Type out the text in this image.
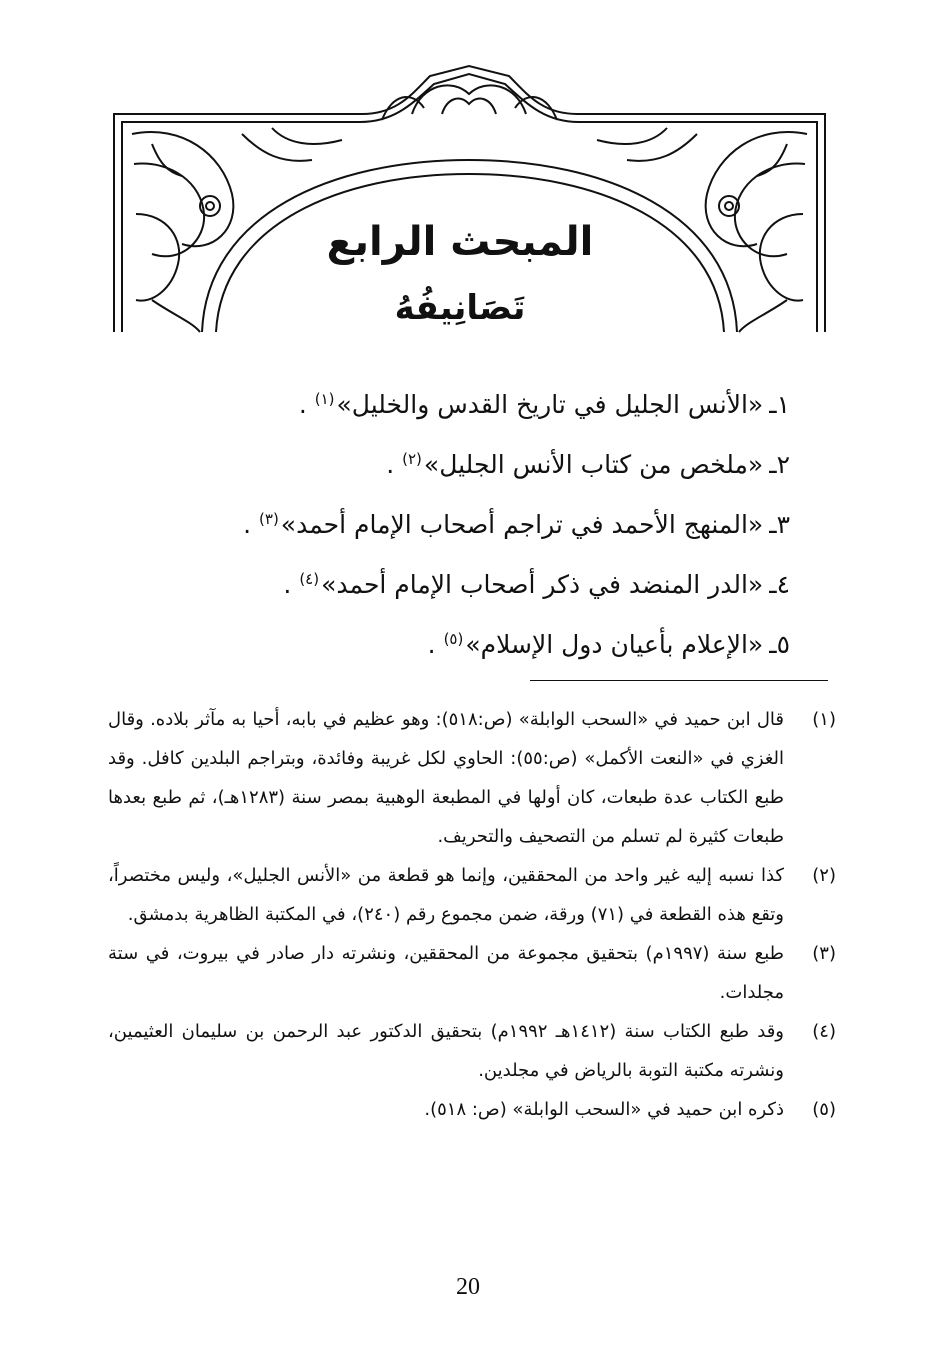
المبحث الرابع
تَصَانِيفُهُ
١ـ«الأنس الجليل في تاريخ القدس والخليل»$^{(١)}$ .
٢ـ«ملخص من كتاب الأنس الجليل»$^{(٢)}$ .
٣ـ«المنهج الأحمد في تراجم أصحاب الإمام أحمد»$^{(٣)}$ .
٤ـ«الدر المنضد في ذكر أصحاب الإمام أحمد»$^{(٤)}$ .
٥ـ«الإعلام بأعيان دول الإسلام»$^{(٥)}$ .
(١)
قال ابن حميد في «السحب الوابلة» (ص:٥١٨): وهو عظيم في بابه، أحيا به مآثر بلاده. وقال الغزي في «النعت الأكمل» (ص:٥٥): الحاوي لكل غريبة وفائدة، وبتراجم البلدين كافل. وقد طبع الكتاب عدة طبعات، كان أولها في المطبعة الوهبية بمصر سنة (١٢٨٣هـ)، ثم طبع بعدها طبعات كثيرة لم تسلم من التصحيف والتحريف.
(٢)
كذا نسبه إليه غير واحد من المحققين، وإنما هو قطعة من «الأنس الجليل»، وليس مختصراً، وتقع هذه القطعة في (٧١) ورقة، ضمن مجموع رقم (٢٤٠)، في المكتبة الظاهرية بدمشق.
(٣)
طبع سنة (١٩٩٧م) بتحقيق مجموعة من المحققين، ونشرته دار صادر في بيروت، في ستة مجلدات.
(٤)
وقد طبع الكتاب سنة (١٤١٢هـ ١٩٩٢م) بتحقيق الدكتور عبد الرحمن بن سليمان العثيمين، ونشرته مكتبة التوبة بالرياض في مجلدين.
(٥)
ذكره ابن حميد في «السحب الوابلة» (ص: ٥١٨).
20
